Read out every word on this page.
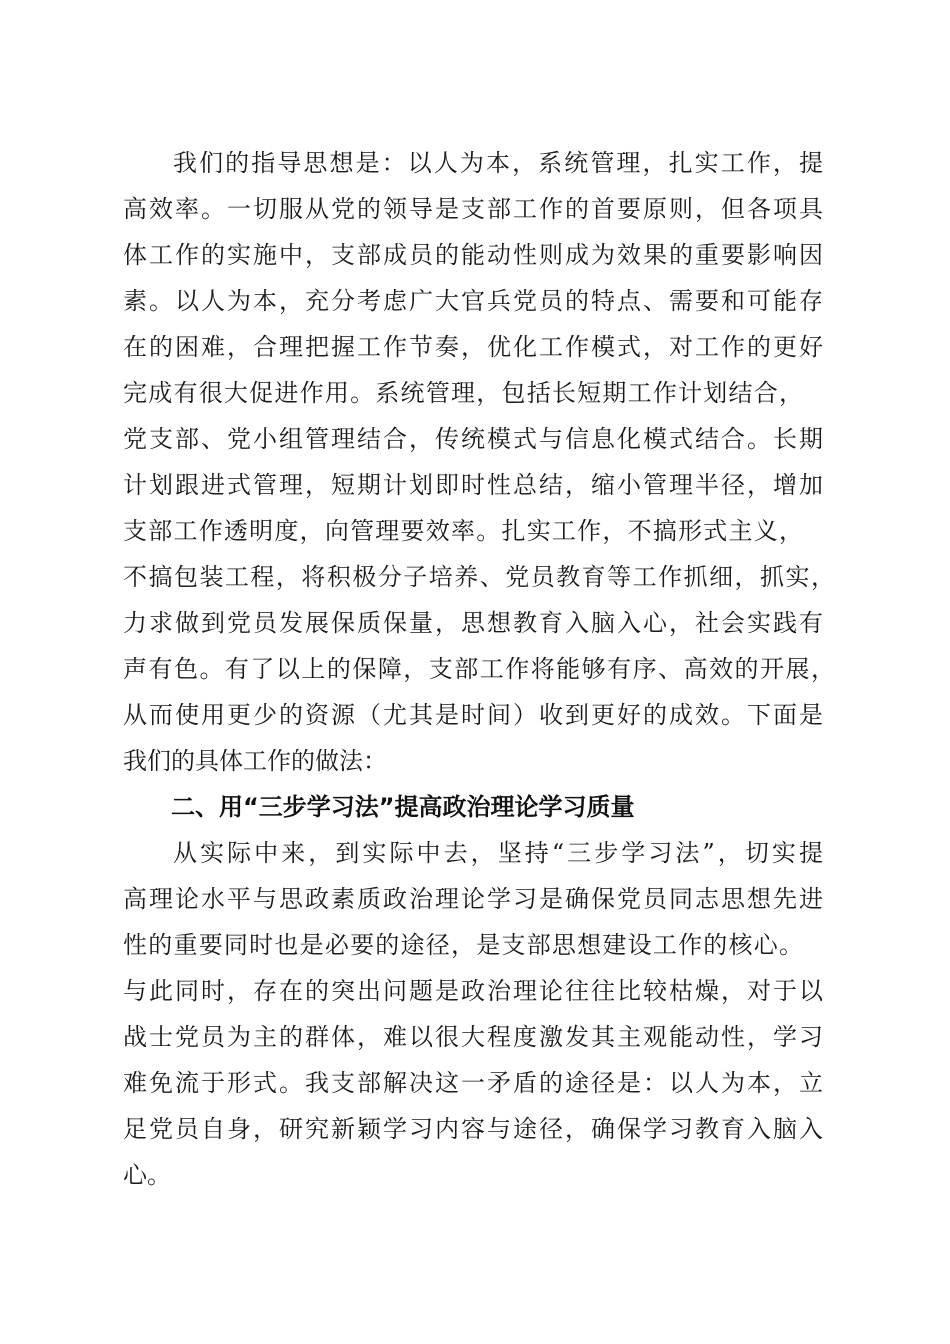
我们的指导思想是：以人为本，系统管理，扎实工作，提
高效率。一切服从党的领导是支部工作的首要原则，但各项具
体工作的实施中，支部成员的能动性则成为效果的重要影响因
素。以人为本，充分考虑广大官兵党员的特点、需要和可能存
在的困难，合理把握工作节奏，优化工作模式，对工作的更好
完成有很大促进作用。系统管理，包括长短期工作计划结合，
党支部、党小组管理结合，传统模式与信息化模式结合。长期
计划跟进式管理，短期计划即时性总结，缩小管理半径，增加
支部工作透明度，向管理要效率。扎实工作，不搞形式主义，
不搞包装工程，将积极分子培养、党员教育等工作抓细，抓实，
力求做到党员发展保质保量，思想教育入脑入心，社会实践有
声有色。有了以上的保障，支部工作将能够有序、高效的开展，
从而使用更少的资源（尤其是时间）收到更好的成效。下面是
我们的具体工作的做法：
二、用“三步学习法”提高政治理论学习质量
从实际中来，到实际中去，坚持“三步学习法”，切实提
高理论水平与思政素质政治理论学习是确保党员同志思想先进
性的重要同时也是必要的途径，是支部思想建设工作的核心。
与此同时，存在的突出问题是政治理论往往比较枯燥，对于以
战士党员为主的群体，难以很大程度激发其主观能动性，学习
难免流于形式。我支部解决这一矛盾的途径是：以人为本，立
足党员自身，研究新颖学习内容与途径，确保学习教育入脑入
心。
